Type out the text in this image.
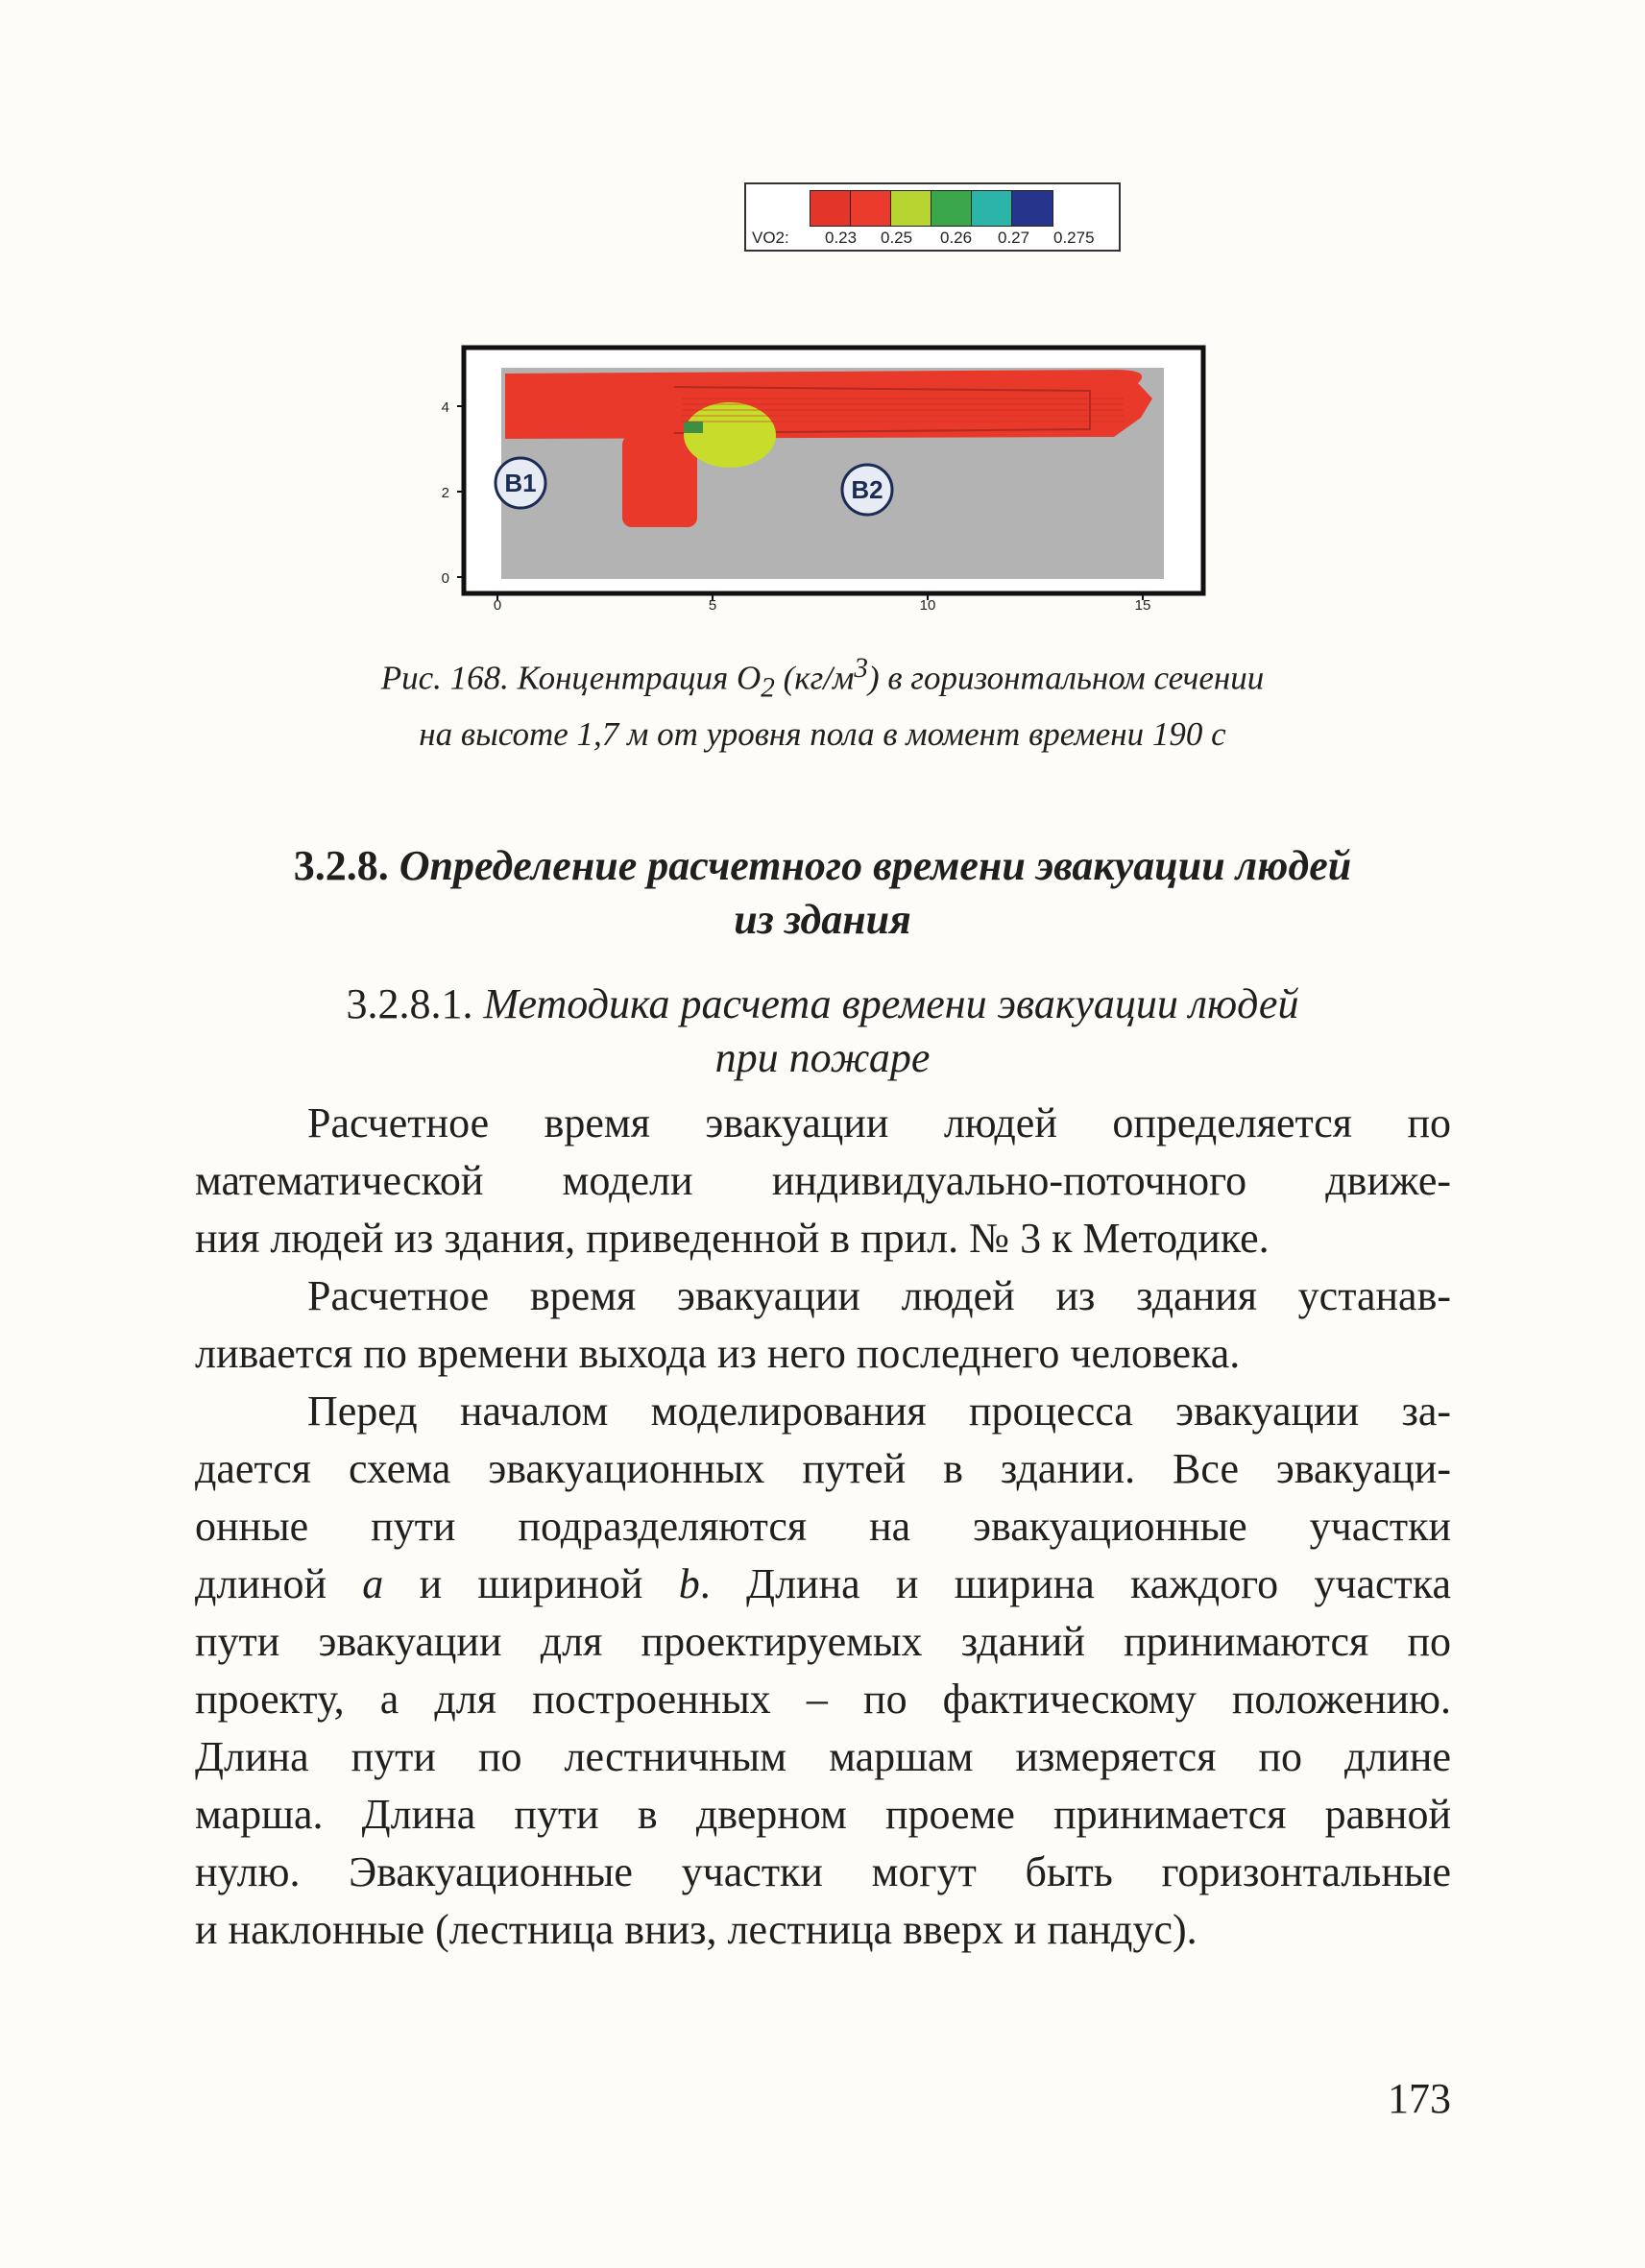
VO2: 0.23 0.25 0.26 0.27 0.275
B1	B2
0
2
4
0	5	10	15
Рис. 168. Концентрация $O_2$ $(кг/м^3)$ в горизонтальном сечении
на высоте 1,7 м от уровня пола в момент времени 190 с
3.2.8. Определение расчетного времени эвакуации людей
из здания
3.2.8.1. Методика расчета времени эвакуации людей
при пожаре
Расчетное время эвакуации людей определяется по
математической модели индивидуально-поточного движе-
ния людей из здания, приведенной в прил. № 3 к Методике.
Расчетное время эвакуации людей из здания устанав-
ливается по времени выхода из него последнего человека.
Перед началом моделирования процесса эвакуации за-
дается схема эвакуационных путей в здании. Все эвакуаци-
онные пути подразделяются на эвакуационные участки
длиной a и шириной b. Длина и ширина каждого участка
пути эвакуации для проектируемых зданий принимаются по
проекту, а для построенных – по фактическому положению.
Длина пути по лестничным маршам измеряется по длине
марша. Длина пути в дверном проеме принимается равной
нулю. Эвакуационные участки могут быть горизонтальные
и наклонные (лестница вниз, лестница вверх и пандус).
173
